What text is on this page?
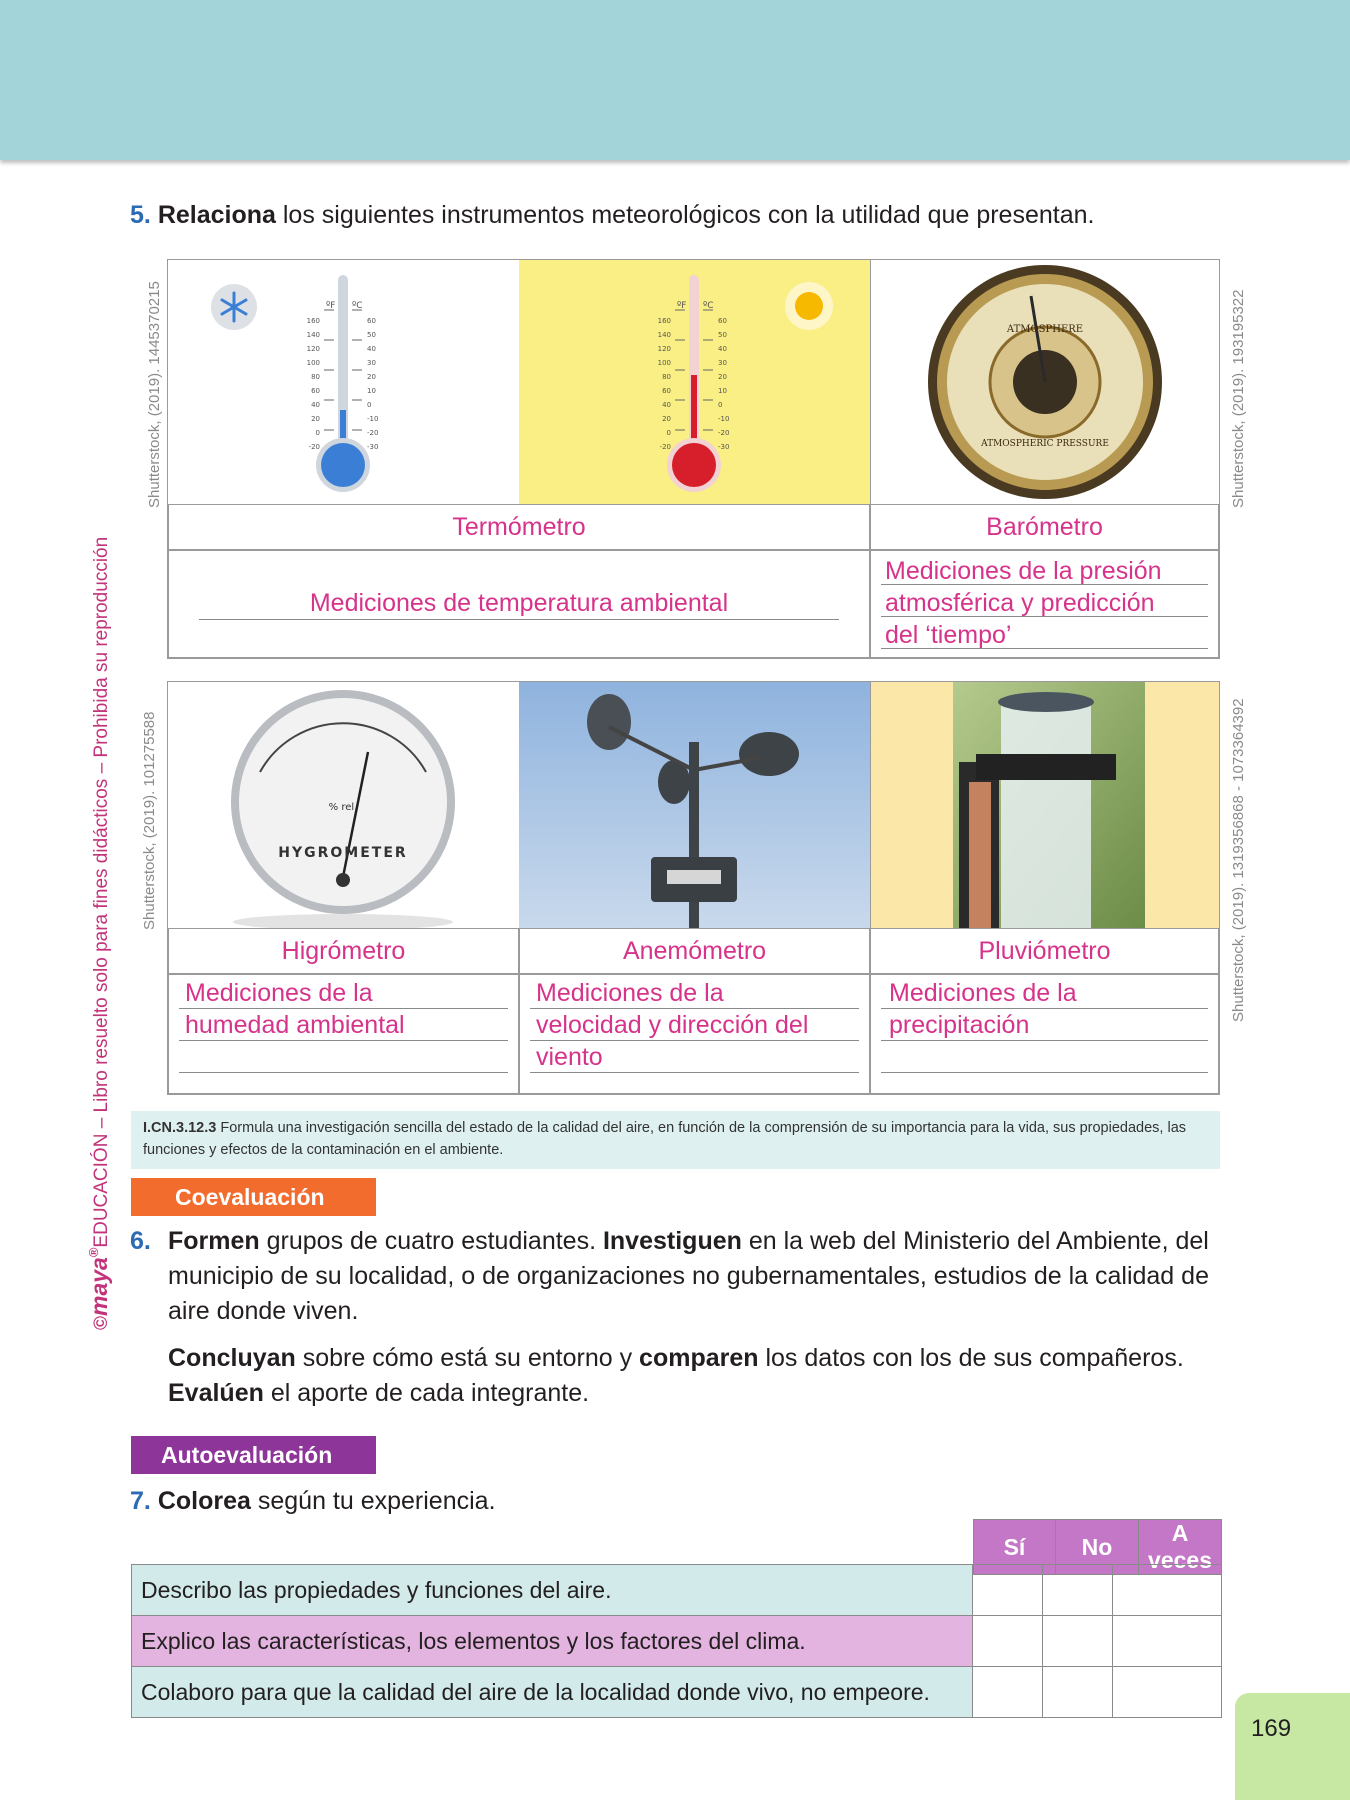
©maya®EDUCACIÓN – Libro resuelto solo para fines didácticos – Prohibida su reproducción
5. Relaciona los siguientes instrumentos meteorológicos con la utilidad que presentan.
Shutterstock, (2019). 1445370215	Shutterstock, (2019). 193195322
Shutterstock, (2019). 101275588	Shutterstock, (2019). 1319356868 - 1073364392
ºF ºC
160
140
120
100
80
60
40
20
0
-20
60
50
40
30
20
10
0
-10
-20
-30
ºF ºC
160
140
120
100
80
60
40
20
0
-20
60
50
40
30
20
10
0
-10
-20
-30
ATMOSPHERE
ATMOSPHERIC PRESSURE
Termómetro	Barómetro
Mediciones de temperatura ambiental
Mediciones de la presión
atmosférica y predicción
del ‘tiempo’
HYGROMETER
% rel.
Higrómetro	Anemómetro	Pluviómetro
Mediciones de la
humedad ambiental
Mediciones de la
velocidad y dirección del
viento
Mediciones de la
precipitación
I.CN.3.12.3 Formula una investigación sencilla del estado de la calidad del aire, en función de la comprensión de su importancia para la vida, sus propiedades, las funciones y efectos de la contaminación en el ambiente.
Coevaluación
6. Formen grupos de cuatro estudiantes. Investiguen en la web del Ministerio del Ambiente, del municipio de su localidad, o de organizaciones no gubernamentales, estudios de la calidad de aire donde viven.
Concluyan sobre cómo está su entorno y comparen los datos con los de sus compañeros. Evalúen el aporte de cada integrante.
Autoevaluación
7. Colorea según tu experiencia.
Sí	No	A veces
Describo las propiedades y funciones del aire.			
Explico las características, los elementos y los factores del clima.			
Colaboro para que la calidad del aire de la localidad donde vivo, no empeore.			
169
